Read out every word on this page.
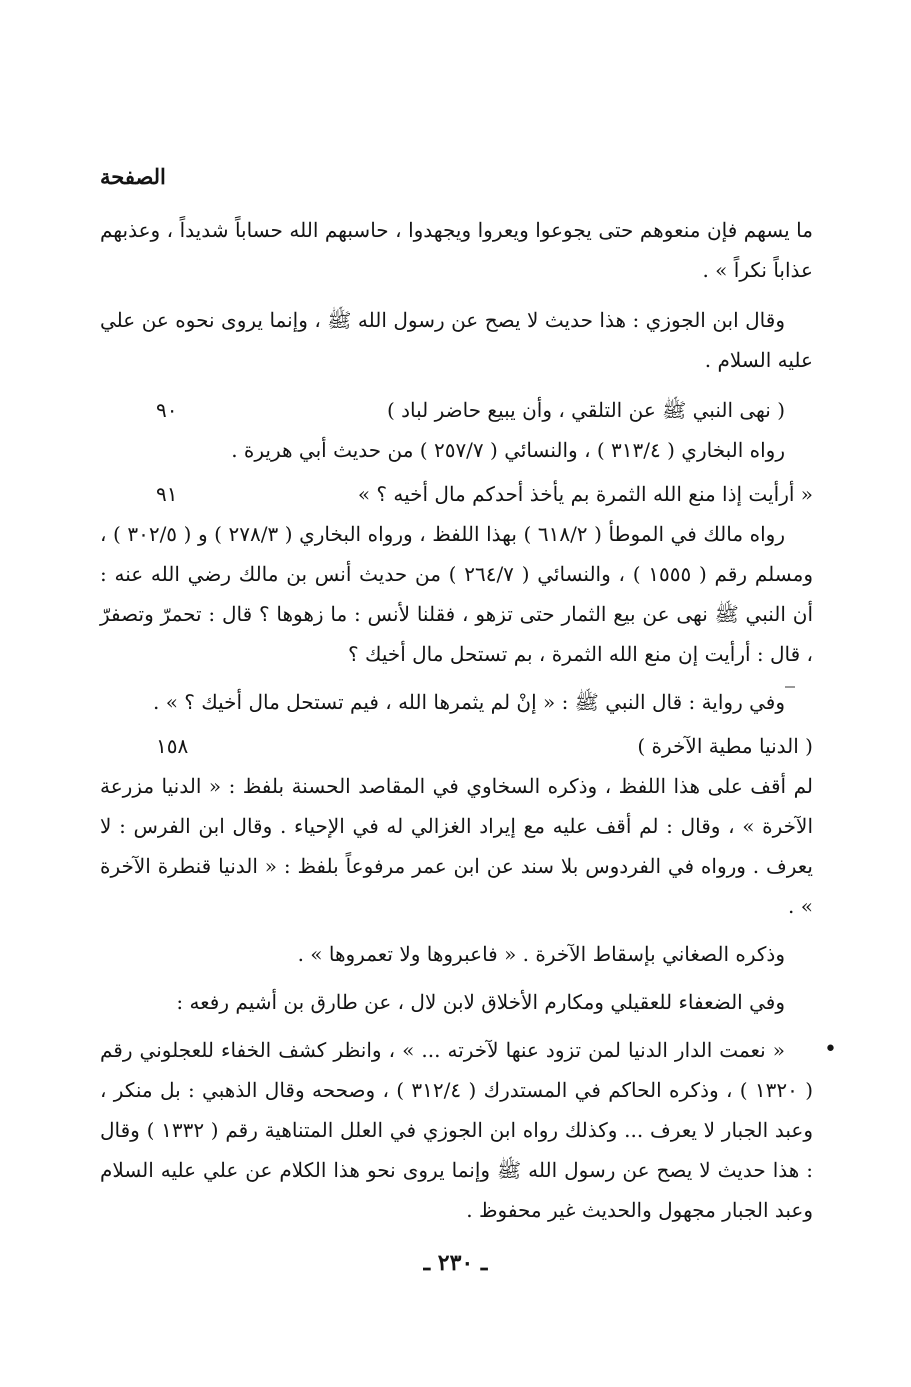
الصفحة

ما يسهم فإن منعوهم حتى يجوعوا ويعروا ويجهدوا ، حاسبهم الله حساباً شديداً ، وعذبهم عذاباً نكراً » .

وقال ابن الجوزي : هذا حديث لا يصح عن رسول الله ﷺ ، وإنما يروى نحوه عن علي عليه السلام .

( نهى النبي ﷺ عن التلقي ، وأن يبيع حاضر لباد )

٩٠

رواه البخاري ( ٣١٣/٤ ) ، والنسائي ( ٢٥٧/٧ ) من حديث أبي هريرة .

« أرأيت إذا منع الله الثمرة بم يأخذ أحدكم مال أخيه ؟ »

٩١

رواه مالك في الموطأ ( ٦١٨/٢ ) بهذا اللفظ ، ورواه البخاري ( ٢٧٨/٣ ) و ( ٣٠٢/٥ ) ، ومسلم رقم ( ١٥٥٥ ) ، والنسائي ( ٢٦٤/٧ ) من حديث أنس بن مالك رضي الله عنه : أن النبي ﷺ نهى عن بيع الثمار حتى تزهو ، فقلنا لأنس : ما زهوها ؟ قال : تحمرّ وتصفرّ ، قال : أرأيت إن منع الله الثمرة ، بم تستحل مال أخيك ؟

وفي رواية : قال النبي ﷺ : « إنْ لم يثمرها الله ، فيم تستحل مال أخيك ؟ » .

( الدنيا مطية الآخرة )

١٥٨

لم أقف على هذا اللفظ ، وذكره السخاوي في المقاصد الحسنة بلفظ : « الدنيا مزرعة الآخرة » ، وقال : لم أقف عليه مع إيراد الغزالي له في الإحياء . وقال ابن الفرس : لا يعرف . ورواه في الفردوس بلا سند عن ابن عمر مرفوعاً بلفظ : « الدنيا قنطرة الآخرة » .

وذكره الصغاني بإسقاط الآخرة . « فاعبروها ولا تعمروها » .

وفي الضعفاء للعقيلي ومكارم الأخلاق لابن لال ، عن طارق بن أشيم رفعه :

•

« نعمت الدار الدنيا لمن تزود عنها لآخرته ... » ، وانظر كشف الخفاء للعجلوني رقم ( ١٣٢٠ ) ، وذكره الحاكم في المستدرك ( ٣١٢/٤ ) ، وصححه وقال الذهبي : بل منكر ، وعبد الجبار لا يعرف ... وكذلك رواه ابن الجوزي في العلل المتناهية رقم ( ١٣٣٢ ) وقال : هذا حديث لا يصح عن رسول الله ﷺ وإنما يروى نحو هذا الكلام عن علي عليه السلام وعبد الجبار مجهول والحديث غير محفوظ .

ـ ٢٣٠ ـ
